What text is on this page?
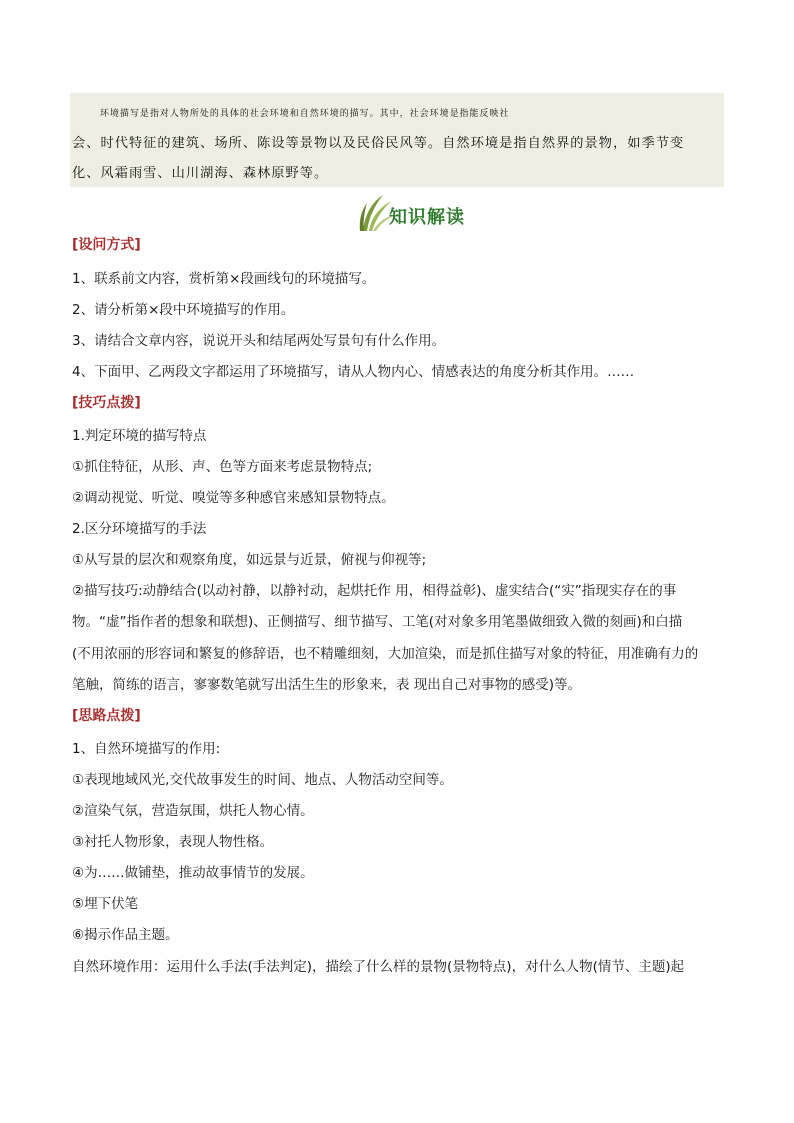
环境描写是指对人物所处的具体的社会环境和自然环境的描写。其中，社会环境是指能反映社
会、时代特征的建筑、场所、陈设等景物以及民俗民风等。自然环境是指自然界的景物，如季节变
化、风霜雨雪、山川湖海、森林原野等。
知识解读
[设问方式]
1、联系前文内容，赏析第×段画线句的环境描写。
2、请分析第×段中环境描写的作用。
3、请结合文章内容，说说开头和结尾两处写景句有什么作用。
4、下面甲、乙两段文字都运用了环境描写，请从人物内心、情感表达的角度分析其作用。……
[技巧点拨]
1.判定环境的描写特点
①抓住特征，从形、声、色等方面来考虑景物特点;
②调动视觉、听觉、嗅觉等多种感官来感知景物特点。
2.区分环境描写的手法
①从写景的层次和观察角度，如远景与近景，俯视与仰视等;
②描写技巧:动静结合(以动衬静，以静衬动，起烘托作 用，相得益彰)、虚实结合(“实”指现实存在的事
物。“虚”指作者的想象和联想)、正侧描写、细节描写、工笔(对对象多用笔墨做细致入微的刻画)和白描
(不用浓丽的形容词和繁复的修辞语，也不精雕细刻，大加渲染，而是抓住描写对象的特征，用准确有力的
笔触，简练的语言，寥寥数笔就写出活生生的形象来，表 现出自己对事物的感受)等。
[思路点拨]
1、自然环境描写的作用:
①表现地域风光,交代故事发生的时间、地点、人物活动空间等。
②渲染气氛，营造氛围，烘托人物心情。
③衬托人物形象，表现人物性格。
④为……做铺垫，推动故事情节的发展。
⑤埋下伏笔
⑥揭示作品主题。
自然环境作用：运用什么手法(手法判定)，描绘了什么样的景物(景物特点)，对什么人物(情节、主题)起
